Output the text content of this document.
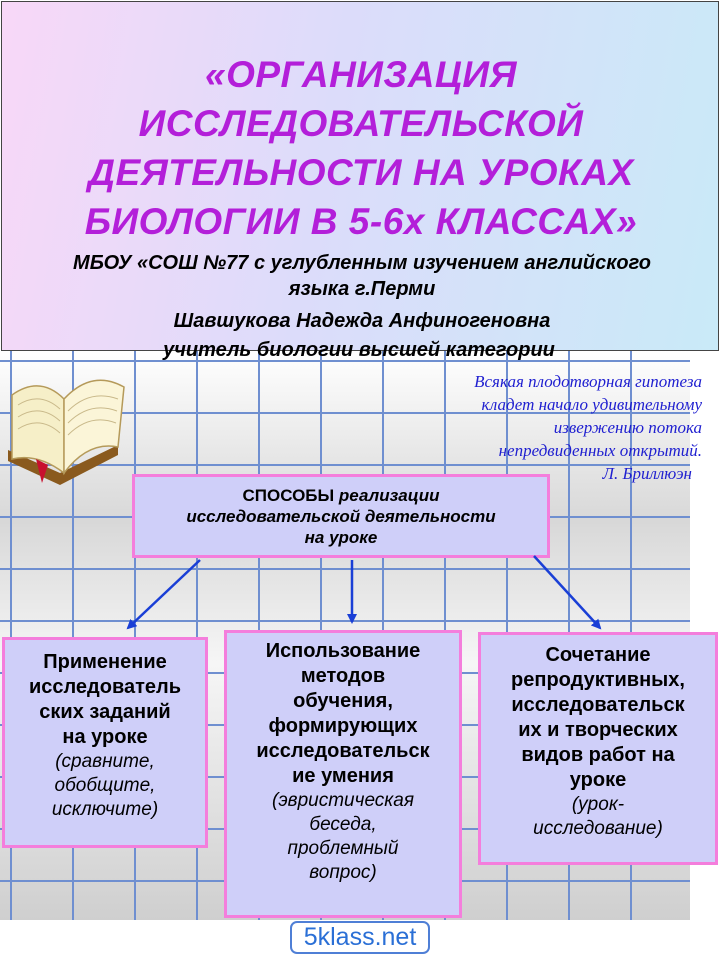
«ОРГАНИЗАЦИЯ
ИССЛЕДОВАТЕЛЬСКОЙ
ДЕЯТЕЛЬНОСТИ НА УРОКАХ
БИОЛОГИИ В 5-6х КЛАССАХ»
МБОУ «СОШ №77 с углубленным изучением английского
языка г.Перми
Шавшукова Надежда Анфиногеновна
учитель биологии высшей категории
Всякая плодотворная гипотеза
кладет начало удивительному
извержению потока
непредвиденных открытий.
Л. Бриллюэн
СПОСОБЫ реализации
исследовательской деятельности
на уроке
Применение
исследователь
ских заданий
на уроке
(сравните,
обобщите,
исключите)
Использование
методов
обучения,
формирующих
исследовательск
ие умения
(эвристическая
беседа,
проблемный
вопрос)
Сочетание
репродуктивных,
исследовательск
их и творческих
видов работ на
уроке
(урок-
исследование)
5klass.net
